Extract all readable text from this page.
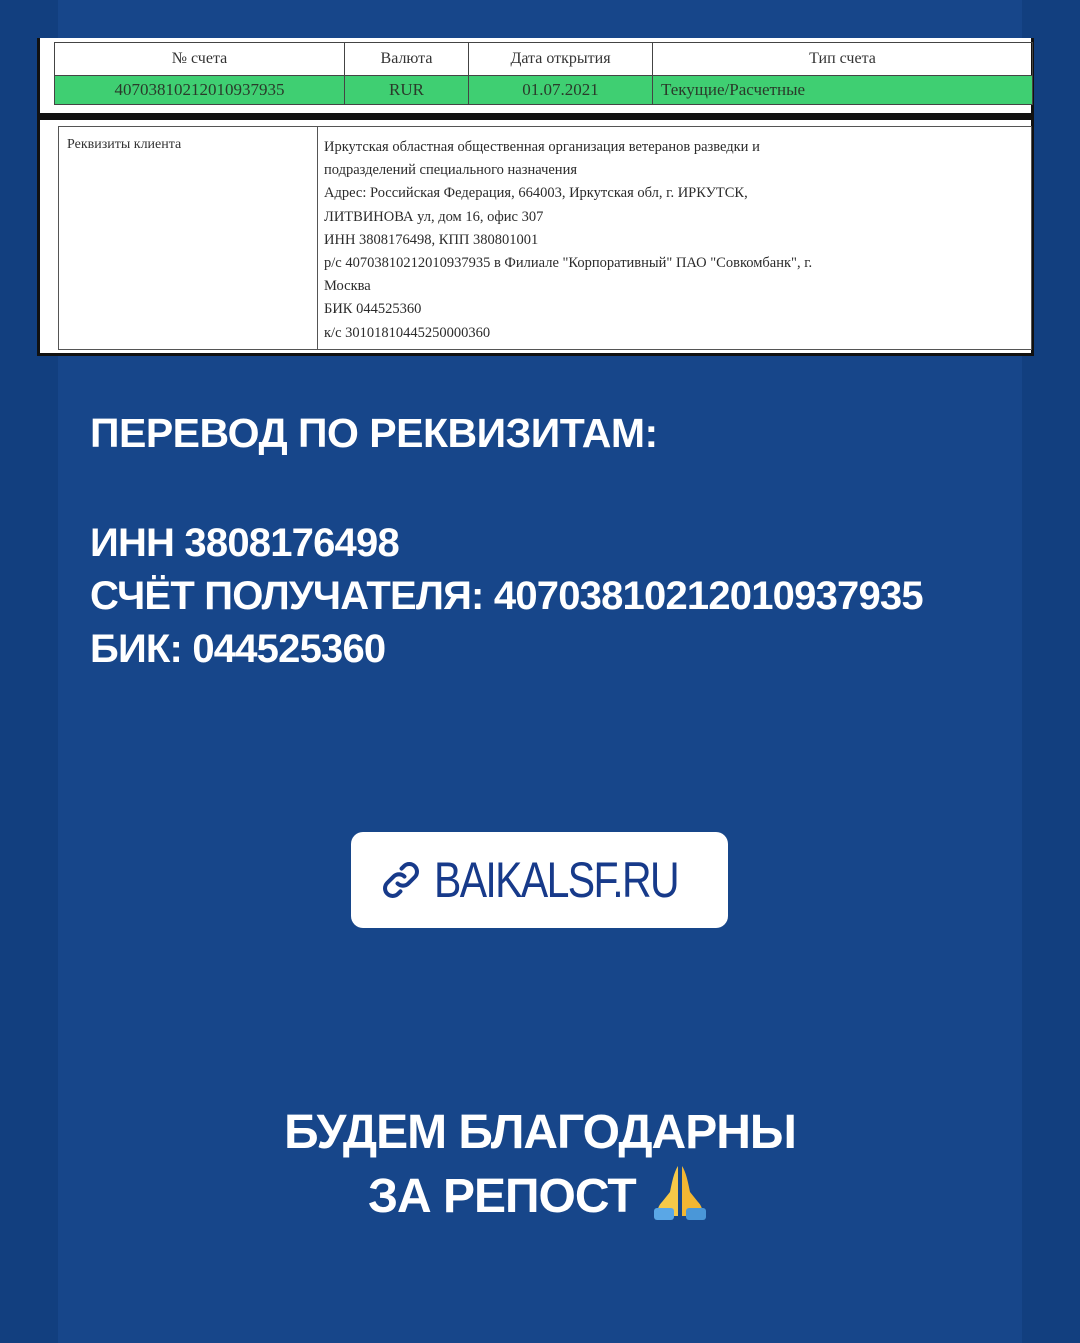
№ счета	Валюта	Дата открытия	Тип счета
40703810212010937935	RUR	01.07.2021	Текущие/Расчетные
Реквизиты клиента	Иркутская областная общественная организация ветеранов разведки и
подразделений специального назначения
Адрес: Российская Федерация, 664003, Иркутская обл, г. ИРКУТСК,
ЛИТВИНОВА ул, дом 16, офис 307
ИНН 3808176498, КПП 380801001
р/с 40703810212010937935 в Филиале "Корпоративный" ПАО "Совкомбанк", г.
Москва
БИК 044525360
к/с 30101810445250000360
ПЕРЕВОД ПО РЕКВИЗИТАМ:
ИНН 3808176498
СЧЁТ ПОЛУЧАТЕЛЯ: 40703810212010937935
БИК: 044525360
BAIKALSF.RU
БУДЕМ БЛАГОДАРНЫ
ЗА РЕПОСТ
